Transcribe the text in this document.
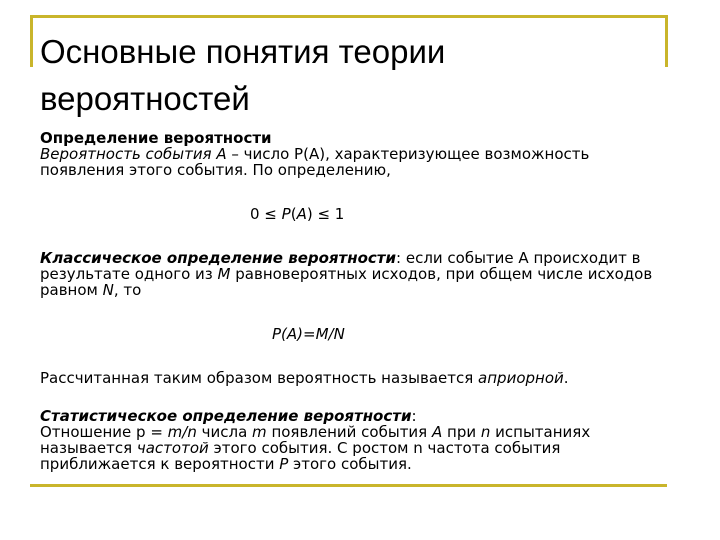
Основные понятия теории вероятностей

Определение вероятности

Вероятность события А – число Р(А), характеризующее возможность появления этого события. По определению,

0 ≤ P(A) ≤ 1

Классическое определение вероятности: если событие А происходит в результате одного из M равновероятных исходов, при общем числе исходов равном N, то

P(A)=M/N

Рассчитанная таким образом вероятность называется априорной.

Статистическое определение вероятности:

Отношение р = m/n числа m появлений события A при n испытаниях называется частотой этого события. С ростом n частота события приближается к вероятности P этого события.
